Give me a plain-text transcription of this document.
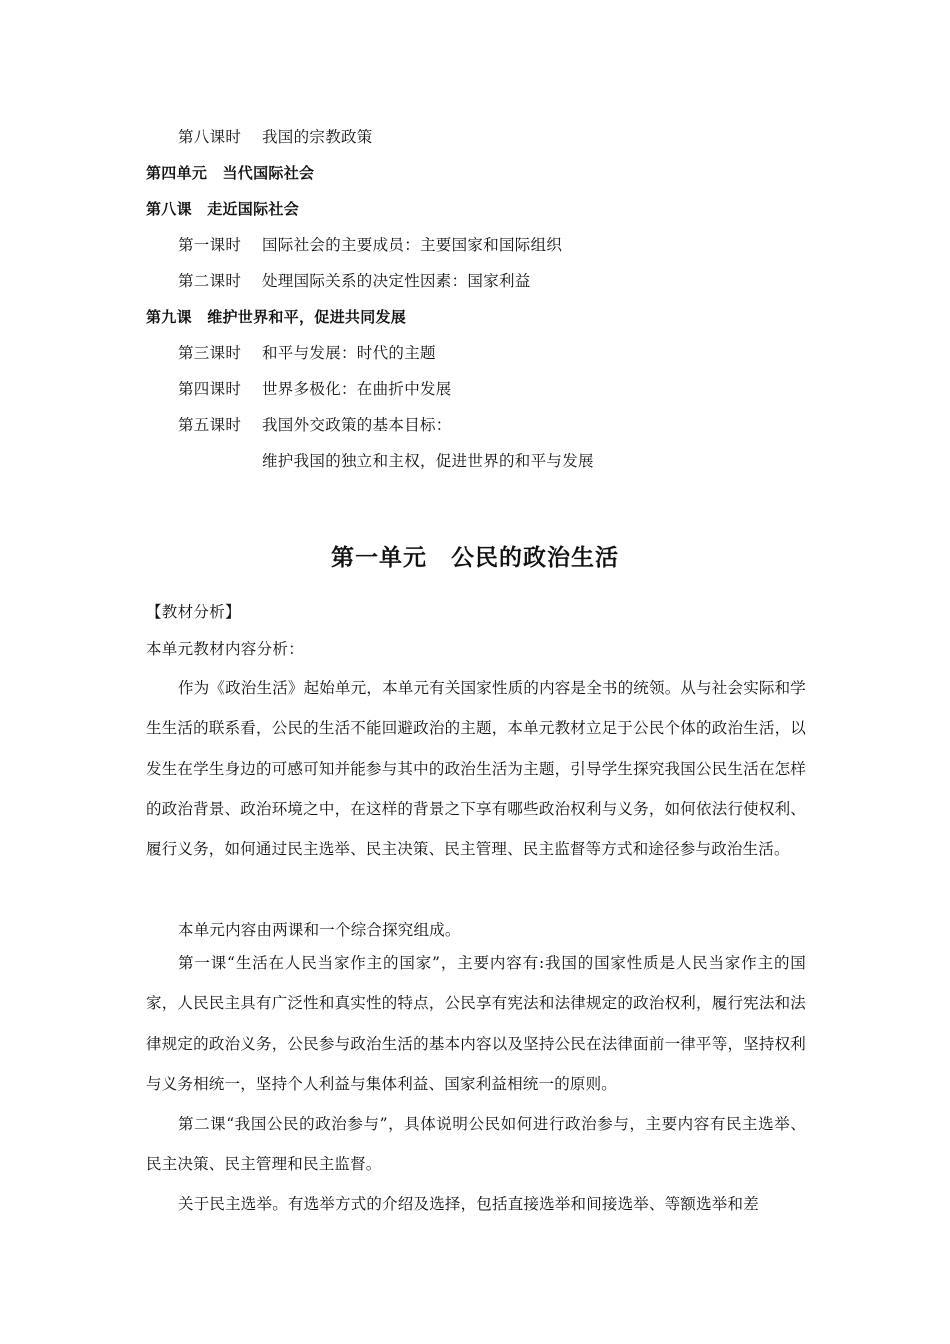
第八课时 我国的宗教政策
第四单元　当代国际社会
第八课　走近国际社会
第一课时 国际社会的主要成员：主要国家和国际组织
第二课时 处理国际关系的决定性因素：国家利益
第九课　维护世界和平，促进共同发展
第三课时 和平与发展：时代的主题
第四课时 世界多极化：在曲折中发展
第五课时 我国外交政策的基本目标：
维护我国的独立和主权，促进世界的和平与发展
第一单元　公民的政治生活
【教材分析】
本单元教材内容分析：
作为《政治生活》起始单元，本单元有关国家性质的内容是全书的统领。从与社会实际和学生生活的联系看，公民的生活不能回避政治的主题，本单元教材立足于公民个体的政治生活，以发生在学生身边的可感可知并能参与其中的政治生活为主题，引导学生探究我国公民生活在怎样的政治背景、政治环境之中，在这样的背景之下享有哪些政治权利与义务，如何依法行使权利、履行义务，如何通过民主选举、民主决策、民主管理、民主监督等方式和途径参与政治生活。
本单元内容由两课和一个综合探究组成。
第一课“生活在人民当家作主的国家”，主要内容有:我国的国家性质是人民当家作主的国家，人民民主具有广泛性和真实性的特点，公民享有宪法和法律规定的政治权利，履行宪法和法律规定的政治义务，公民参与政治生活的基本内容以及坚持公民在法律面前一律平等，坚持权利与义务相统一，坚持个人利益与集体利益、国家利益相统一的原则。
第二课“我国公民的政治参与”，具体说明公民如何进行政治参与，主要内容有民主选举、民主决策、民主管理和民主监督。
关于民主选举。有选举方式的介绍及选择，包括直接选举和间接选举、等额选举和差
